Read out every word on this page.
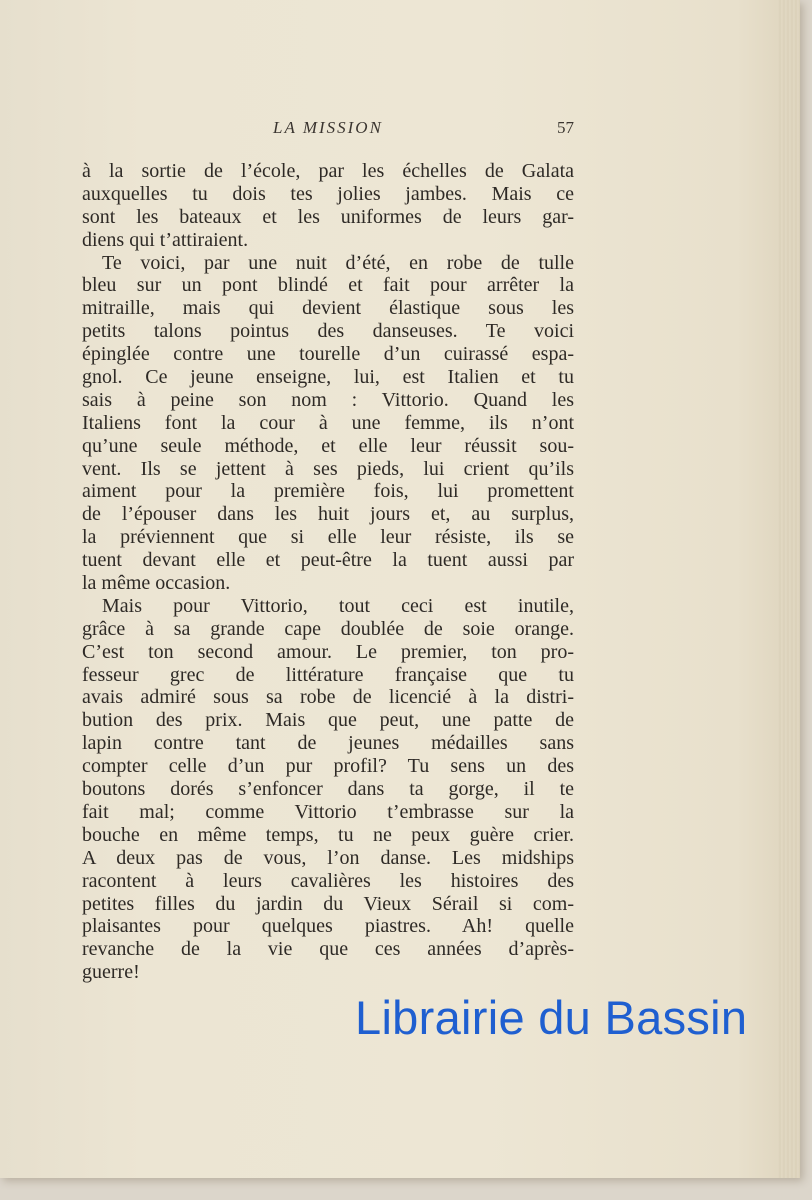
LA MISSION	57
à la sortie de l’école, par les échelles de Galata
auxquelles tu dois tes jolies jambes. Mais ce
sont les bateaux et les uniformes de leurs gar-
diens qui t’attiraient.
Te voici, par une nuit d’été, en robe de tulle
bleu sur un pont blindé et fait pour arrêter la
mitraille, mais qui devient élastique sous les
petits talons pointus des danseuses. Te voici
épinglée contre une tourelle d’un cuirassé espa-
gnol. Ce jeune enseigne, lui, est Italien et tu
sais à peine son nom : Vittorio. Quand les
Italiens font la cour à une femme, ils n’ont
qu’une seule méthode, et elle leur réussit sou-
vent. Ils se jettent à ses pieds, lui crient qu’ils
aiment pour la première fois, lui promettent
de l’épouser dans les huit jours et, au surplus,
la préviennent que si elle leur résiste, ils se
tuent devant elle et peut-être la tuent aussi par
la même occasion.
Mais pour Vittorio, tout ceci est inutile,
grâce à sa grande cape doublée de soie orange.
C’est ton second amour. Le premier, ton pro-
fesseur grec de littérature française que tu
avais admiré sous sa robe de licencié à la distri-
bution des prix. Mais que peut, une patte de
lapin contre tant de jeunes médailles sans
compter celle d’un pur profil? Tu sens un des
boutons dorés s’enfoncer dans ta gorge, il te
fait mal; comme Vittorio t’embrasse sur la
bouche en même temps, tu ne peux guère crier.
A deux pas de vous, l’on danse. Les midships
racontent à leurs cavalières les histoires des
petites filles du jardin du Vieux Sérail si com-
plaisantes pour quelques piastres. Ah! quelle
revanche de la vie que ces années d’après-
guerre!
Librairie du Bassin
